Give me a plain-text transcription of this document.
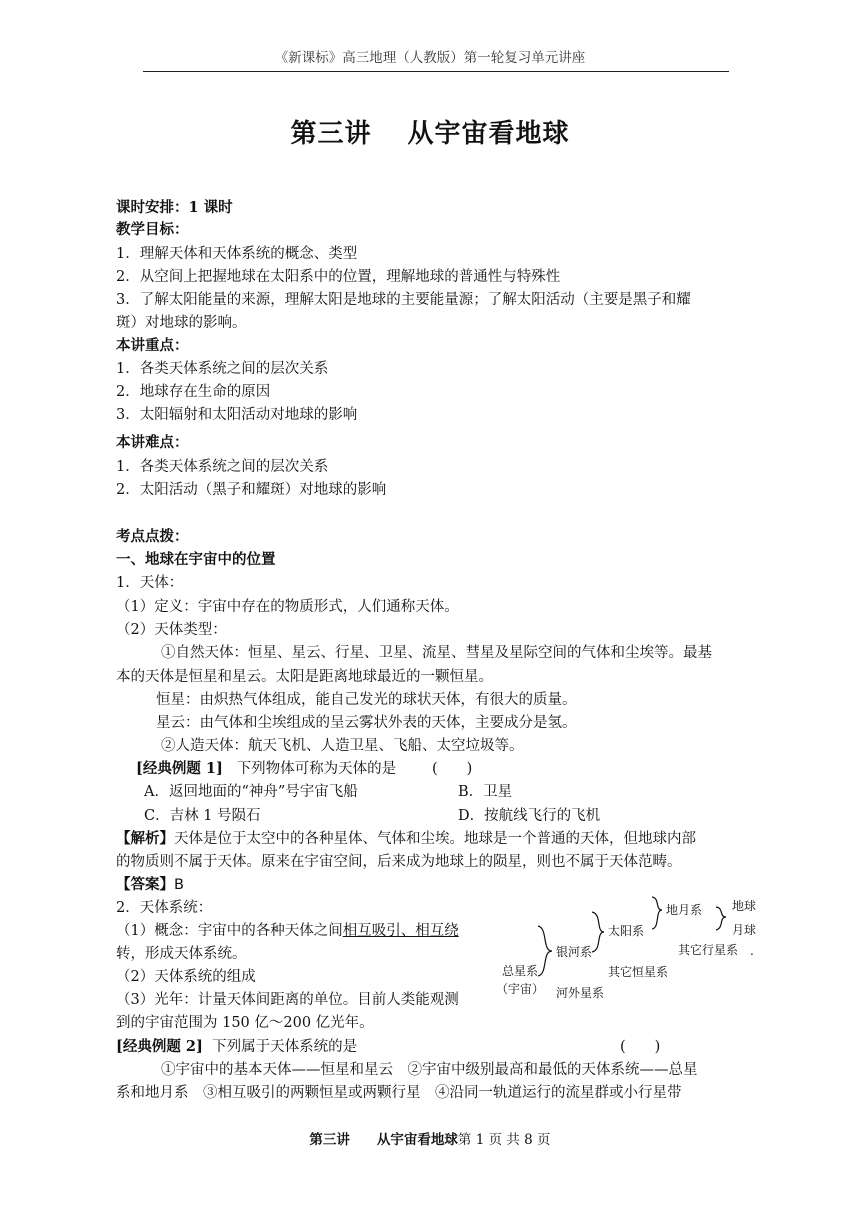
《新课标》高三地理（人教版）第一轮复习单元讲座
第三讲 从宇宙看地球
课时安排：1 课时
教学目标：
1．理解天体和天体系统的概念、类型
2．从空间上把握地球在太阳系中的位置，理解地球的普通性与特殊性
3．了解太阳能量的来源，理解太阳是地球的主要能量源；了解太阳活动（主要是黑子和耀
斑）对地球的影响。
本讲重点：
1．各类天体系统之间的层次关系
2．地球存在生命的原因
3．太阳辐射和太阳活动对地球的影响
本讲难点：
1．各类天体系统之间的层次关系
2．太阳活动（黑子和耀斑）对地球的影响
考点点拨：
一、地球在宇宙中的位置
1．天体：
（1）定义：宇宙中存在的物质形式，人们通称天体。
（2）天体类型：
①自然天体：恒星、星云、行星、卫星、流星、彗星及星际空间的气体和尘埃等。最基
本的天体是恒星和星云。太阳是距离地球最近的一颗恒星。
恒星：由炽热气体组成，能自己发光的球状天体，有很大的质量。
星云：由气体和尘埃组成的呈云雾状外表的天体，主要成分是氢。
②人造天体：航天飞机、人造卫星、飞船、太空垃圾等。
[经典例题 1] 下列物体可称为天体的是 (　　)
A．返回地面的“神舟”号宇宙飞船	B．卫星
C．吉林 1 号陨石	D．按航线飞行的飞机
【解析】天体是位于太空中的各种星体、气体和尘埃。地球是一个普通的天体，但地球内部
的物质则不属于天体。原来在宇宙空间，后来成为地球上的陨星，则也不属于天体范畴。
【答案】B
2．天体系统：
（1）概念：宇宙中的各种天体之间相互吸引、相互绕
转，形成天体系统。
（2）天体系统的组成
（3）光年：计量天体间距离的单位。目前人类能观测
到的宇宙范围为 150 亿～200 亿光年。
总星系
（宇宙）
银河系
河外星系
太阳系
其它恒星系
地月系
其它行星系
地球
月球
.
[经典例题 2] 下列属于天体系统的是	(　　)
①宇宙中的基本天体——恒星和星云　②宇宙中级别最高和最低的天体系统——总星
系和地月系　③相互吸引的两颗恒星或两颗行星　④沿同一轨道运行的流星群或小行星带
第三讲　　从宇宙看地球第 1 页 共 8 页
